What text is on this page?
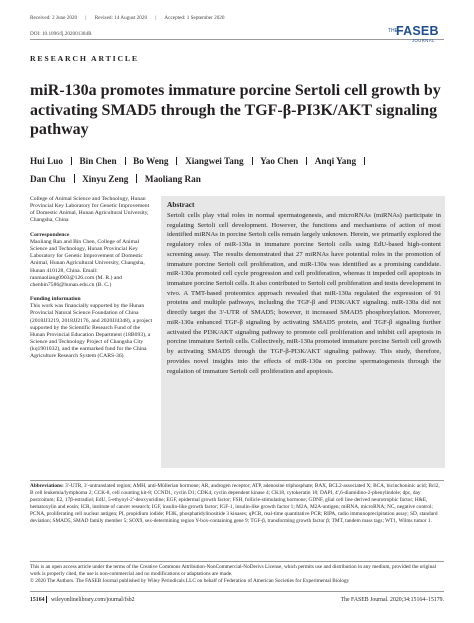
Received: 2 June 2020 | Revised: 14 August 2020 | Accepted: 1 September 2020
DOI: 10.1096/fj.202001384R	THE
FASEB
JOURNAL
RESEARCH ARTICLE
miR-130a promotes immature porcine Sertoli cell growth by activating SMAD5 through the TGF-β-PI3K/AKT signaling pathway
Hui Luo Bin Chen Bo Weng Xiangwei Tang Yao Chen Anqi Yang
Dan Chu Xinyu Zeng Maoliang Ran

College of Animal Science and Technology, Hunan Provincial Key Laboratory for Genetic Improvement of Domestic Animal, Hunan Agricultural University, Changsha, China

Correspondence

Maoliang Ran and Bin Chen, College of Animal Science and Technology, Hunan Provincial Key Laboratory for Genetic Improvement of Domestic Animal, Hunan Agricultural University, Changsha, Hunan 410128, China. Email: ranmaoliang0903@126.com (M. R.) and chenbin7586@hunan.edu.cn (B. C.)

Funding information

This work was financially supported by the Hunan Provincial Natural Science Foundation of China (2018JJ3219, 2018JJ2176, and 2020JJ4348), a project supported by the Scientific Research Fund of the Hunan Provincial Education Department (18B093), a Science and Technology Project of Changsha City (kq1901032), and the earmarked fund for the China Agriculture Research System (CARS-36)

Abstract

Sertoli cells play vital roles in normal spermatogenesis, and microRNAs (miRNAs) participate in regulating Sertoli cell development. However, the functions and mechanisms of action of most identified miRNAs in porcine Sertoli cells remain largely unknown. Herein, we primarily explored the regulatory roles of miR-130a in immature porcine Sertoli cells using EdU-based high-content screening assay. The results demonstrated that 27 miRNAs have potential roles in the promotion of immature porcine Sertoli cell proliferation, and miR-130a was identified as a promising candidate. miR-130a promoted cell cycle progression and cell proliferation, whereas it impeded cell apoptosis in immature porcine Sertoli cells. It also contributed to Sertoli cell proliferation and testis development in vivo. A TMT-based proteomics approach revealed that miR-130a regulated the expression of 91 proteins and multiple pathways, including the TGF-β and PI3K/AKT signaling. miR-130a did not directly target the 3′-UTR of SMAD5; however, it increased SMAD5 phosphorylation. Moreover, miR-130a enhanced TGF-β signaling by activating SMAD5 protein, and TGF-β signaling further activated the PI3K/AKT signaling pathway to promote cell proliferation and inhibit cell apoptosis in porcine immature Sertoli cells. Collectively, miR-130a promoted immature porcine Sertoli cell growth by activating SMAD5 through the TGF-β-PI3K/AKT signaling pathway. This study, therefore, provides novel insights into the effects of miR-130a on porcine spermatogenesis through the regulation of immature Sertoli cell proliferation and apoptosis.

Abbreviations: 3′-UTR, 3′-untranslated region; AMH, anti-Müllerian hormone; AR, androgen receptor; ATP, adenosine triphosphate; BAX, BCL2-associated X; BCA, bicinchoninic acid; Bcl2, B cell leukemia/lymphoma 2; CCK-8, cell counting kit-8; CCND1, cyclin D1; CDK4, cyclin dependent kinase 4; CK18, cytokeratin 18; DAPI, 4′,6-diamidino-2-phenylindole; dpc, day postcoitum; E2, 17β-estradiol; EdU, 5-ethynyl-2′-deoxyuridine; EGF, epidermal growth factor; FSH, follicle-stimulating hormone; GDNF, glial cell line derived neurotrophic factor; H&E, hematoxylin and eosin; ICR, institute of cancer research; IGF, insulin-like growth factor; IGF-1, insulin-like growth factor 1; M2A, M2A-antigen; miRNA, microRNA; NC, negative control; PCNA, proliferating cell nuclear antigen; PI, propidium iodide; PI3K, phosphatidylinositide 3 kinases; qPCR, real-time quantitative PCR; RIPA, radio immunoprecipitation assay; SD, standard deviation; SMAD5, SMAD family member 5; SOX9, sex-determining region Y-box-containing gene 9; TGF-β, transforming growth factor β; TMT, tandem mass tags; WT1, Wilms tumor 1.

This is an open access article under the terms of the Creative Commons Attribution-NonCommercial-NoDerivs License, which permits use and distribution in any medium, provided the original work is properly cited, the use is non-commercial and no modifications or adaptations are made.
© 2020 The Authors. The FASEB Journal published by Wiley Periodicals LLC on behalf of Federation of American Societies for Experimental Biology
15164 wileyonlinelibrary.com/journal/fsb2	The FASEB Journal. 2020;34:15164–15179.
